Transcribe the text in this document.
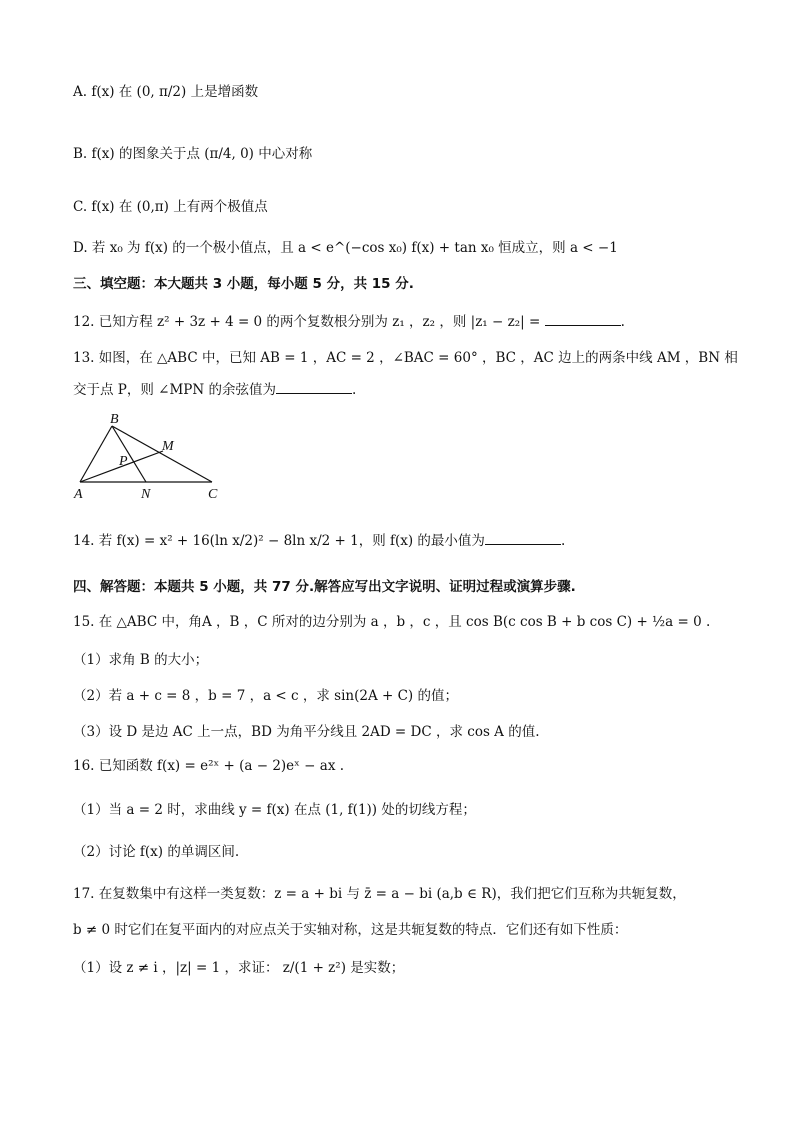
A. f(x) 在 (0, π/2) 上是增函数
B. f(x) 的图象关于点 (π/4, 0) 中心对称
C. f(x) 在 (0,π) 上有两个极值点
D. 若 x₀ 为 f(x) 的一个极小值点，且 a < e^(−cos x₀) f(x) + tan x₀ 恒成立，则 a < −1
三、填空题：本大题共 3 小题，每小题 5 分，共 15 分.
12. 已知方程 z² + 3z + 4 = 0 的两个复数根分别为 z₁ ，z₂ ，则 |z₁ − z₂| =	.
13. 如图，在 △ABC 中，已知 AB = 1 ，AC = 2 ，∠BAC = 60° ，BC ，AC 边上的两条中线 AM ，BN 相
交于点 P，则 ∠MPN 的余弦值为	.
B
M
P
A	N	C
14. 若 f(x) = x² + 16(ln x/2)² − 8ln x/2 + 1，则 f(x) 的最小值为	.
四、解答题：本题共 5 小题，共 77 分.解答应写出文字说明、证明过程或演算步骤.
15. 在 △ABC 中，角A ，B ，C 所对的边分别为 a ，b ，c ，且 cos B(c cos B + b cos C) + ½a = 0 .
（1）求角 B 的大小；
（2）若 a + c = 8 ，b = 7 ，a < c ，求 sin(2A + C) 的值；
（3）设 D 是边 AC 上一点，BD 为角平分线且 2AD = DC ，求 cos A 的值.
16. 已知函数 f(x) = e²ˣ + (a − 2)eˣ − ax .
（1）当 a = 2 时，求曲线 y = f(x) 在点 (1, f(1)) 处的切线方程；
（2）讨论 f(x) 的单调区间.
17. 在复数集中有这样一类复数：z = a + bi 与 z̄ = a − bi (a,b ∈ R)，我们把它们互称为共轭复数，
b ≠ 0 时它们在复平面内的对应点关于实轴对称，这是共轭复数的特点．它们还有如下性质：
（1）设 z ≠ i ，|z| = 1 ，求证： z/(1 + z²) 是实数；
